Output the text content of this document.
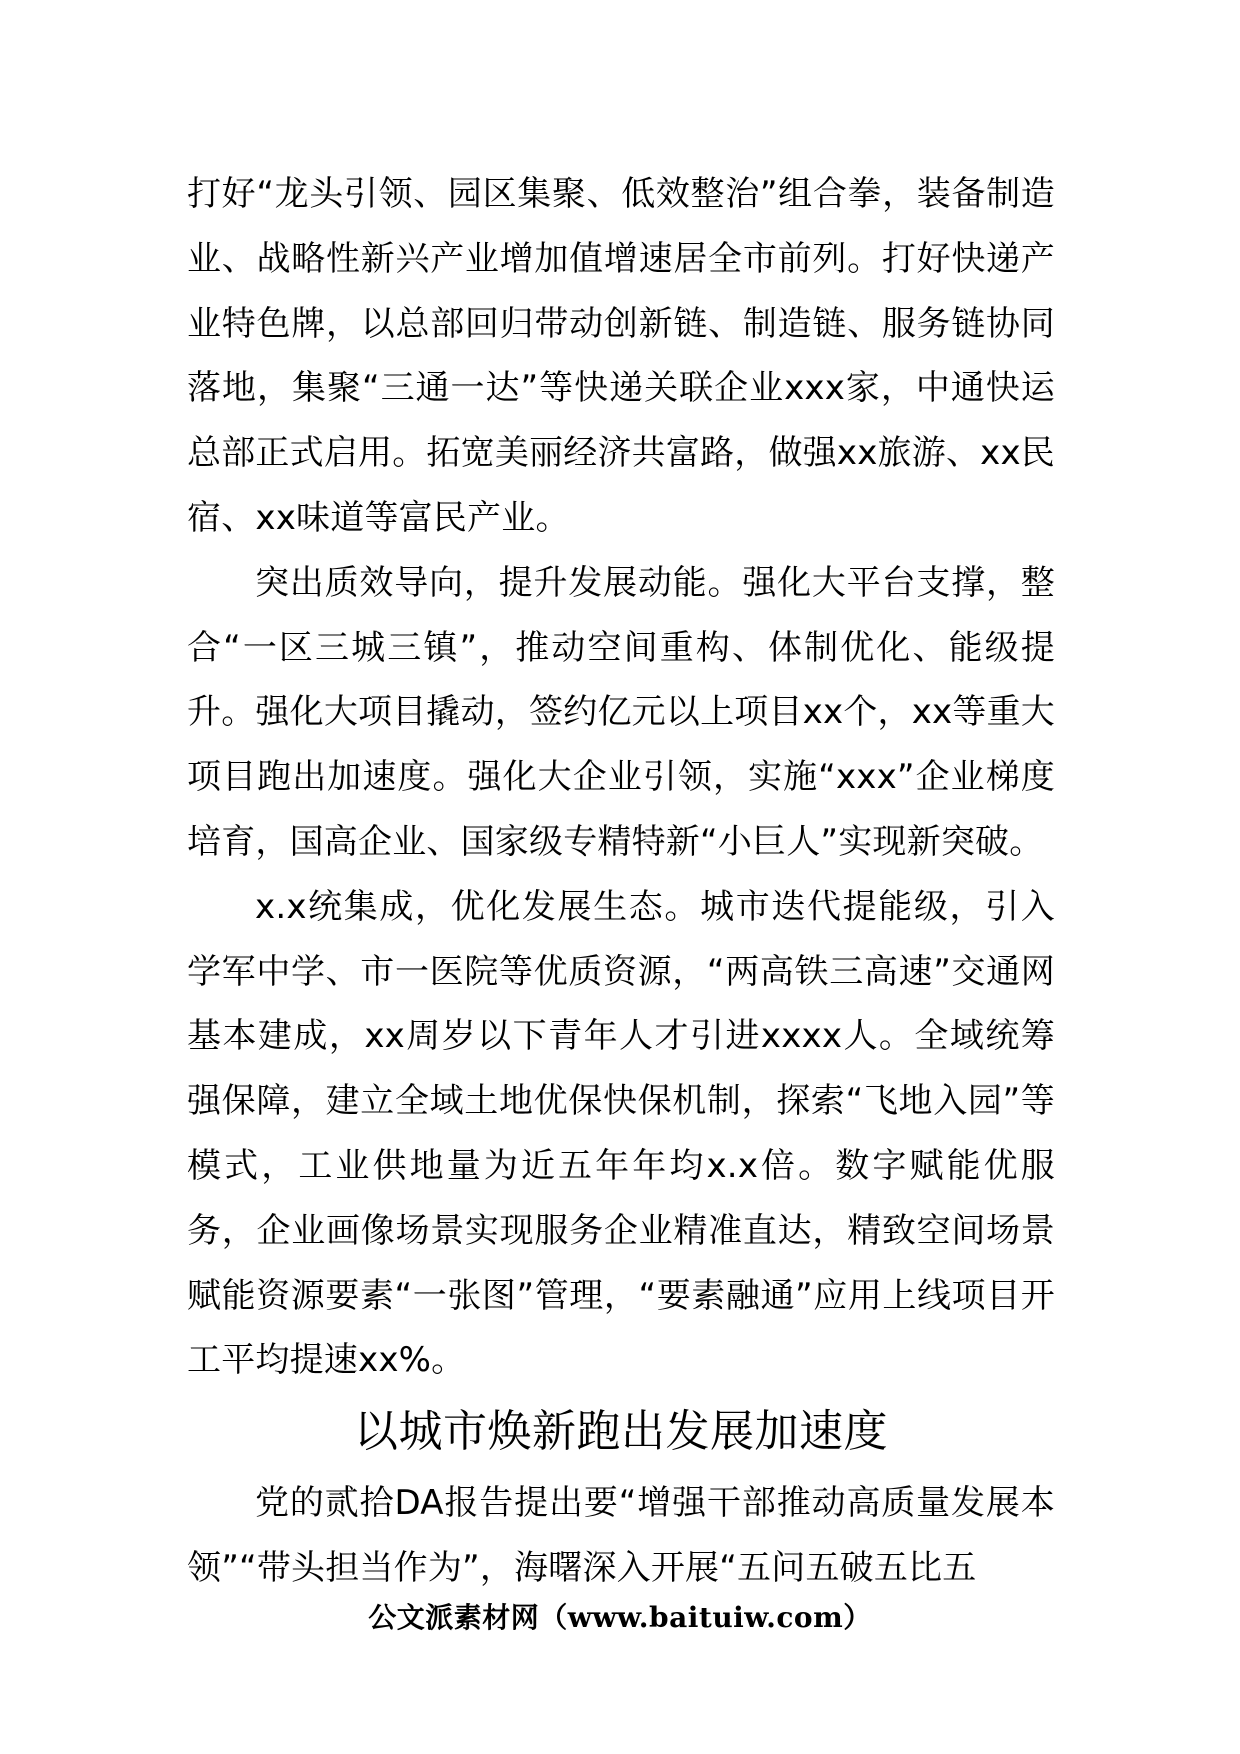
打好“龙头引领、园区集聚、低效整治”组合拳，装备制造业、战略性新兴产业增加值增速居全市前列。打好快递产业特色牌，以总部回归带动创新链、制造链、服务链协同落地，集聚“三通一达”等快递关联企业xxx家，中通快运总部正式启用。拓宽美丽经济共富路，做强xx旅游、xx民宿、xx味道等富民产业。

突出质效导向，提升发展动能。强化大平台支撑，整合“一区三城三镇”，推动空间重构、体制优化、能级提升。强化大项目撬动，签约亿元以上项目xx个，xx等重大项目跑出加速度。强化大企业引领，实施“xxx”企业梯度培育，国高企业、国家级专精特新“小巨人”实现新突破。

x.x统集成，优化发展生态。城市迭代提能级，引入学军中学、市一医院等优质资源，“两高铁三高速”交通网基本建成，xx周岁以下青年人才引进xxxx人。全域统筹强保障，建立全域土地优保快保机制，探索“飞地入园”等模式，工业供地量为近五年年均x.x倍。数字赋能优服务，企业画像场景实现服务企业精准直达，精致空间场景赋能资源要素“一张图”管理，“要素融通”应用上线项目开工平均提速xx%。

以城市焕新跑出发展加速度

党的贰拾DA报告提出要“增强干部推动高质量发展本领”“带头担当作为”，海曙深入开展“五问五破五比五

公文派素材网（www.baituiw.com）
